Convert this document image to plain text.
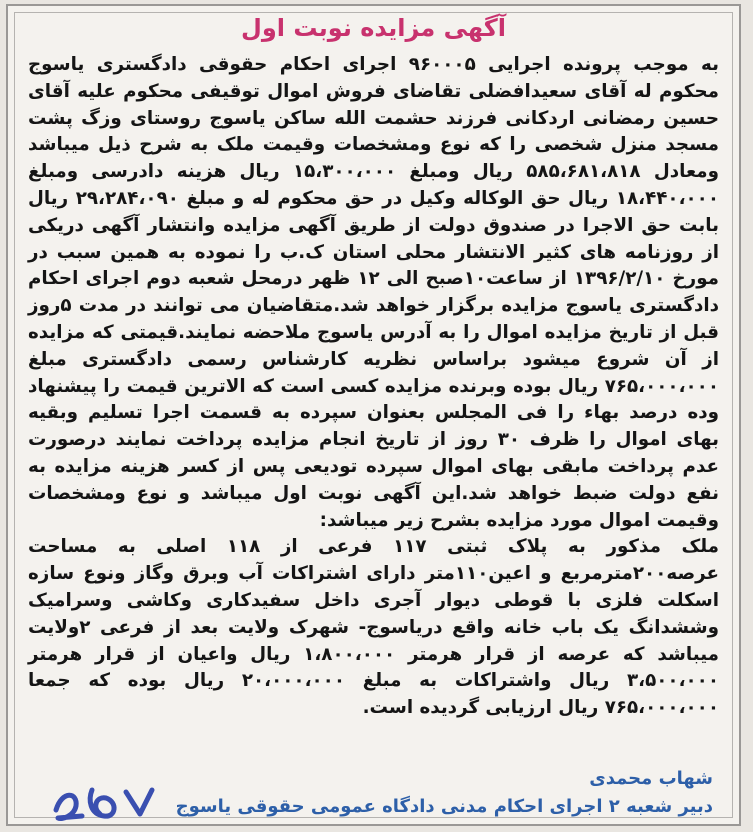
آگهی مزایده نوبت اول

به موجب پرونده اجرایی ۹۶۰۰۰۵ اجرای احکام حقوقی دادگستری یاسوج محکوم له آقای سعیدافضلی تقاضای فروش اموال توقیفی محکوم علیه آقای حسین رمضانی اردکانی فرزند حشمت الله ساکن یاسوج روستای وزگ پشت مسجد منزل شخصی را که نوع ومشخصات وقیمت ملک به شرح ذیل میباشد ومعادل ۵۸۵،۶۸۱،۸۱۸ ریال ومبلغ ۱۵،۳۰۰،۰۰۰ ریال هزینه دادرسی ومبلغ ۱۸،۴۴۰،۰۰۰ ریال حق الوکاله وکیل در حق محکوم له و مبلغ ۲۹،۲۸۴،۰۹۰ ریال بابت حق الاجرا در صندوق دولت از طریق آگهی مزایده وانتشار آگهی دریکی از روزنامه های کثیر الانتشار محلی استان ک.ب را نموده به همین سبب در مورخ ۱۳۹۶/۲/۱۰ از ساعت۱۰صبح الی ۱۲ ظهر درمحل شعبه دوم اجرای احکام دادگستری یاسوج مزایده برگزار خواهد شد.متقاضیان می توانند در مدت ۵روز قبل از تاریخ مزایده اموال را به آدرس یاسوج ملاحضه نمایند.قیمتی که مزایده از آن شروع میشود براساس نظریه کارشناس رسمی دادگستری مبلغ ۷۶۵،۰۰۰،۰۰۰ ریال بوده وبرنده مزایده کسی است که الاترین قیمت را پیشنهاد وده درصد بهاء را فی المجلس بعنوان سپرده به قسمت اجرا تسلیم وبقیه بهای اموال را ظرف ۳۰ روز از تاریخ انجام مزایده پرداخت نمایند درصورت عدم پرداخت مابقی بهای اموال سپرده تودیعی پس از کسر هزینه مزایده به نفع دولت ضبط خواهد شد.این آگهی نوبت اول میباشد و نوع ومشخصات وقیمت اموال مورد مزایده بشرح زیر میباشد:

ملک مذکور به پلاک ثبتی ۱۱۷ فرعی از ۱۱۸ اصلی به مساحت عرصه۲۰۰مترمربع و اعین۱۱۰متر دارای اشتراکات آب وبرق وگاز ونوع سازه اسکلت فلزی با قوطی دیوار آجری داخل سفیدکاری وکاشی وسرامیک وششدانگ یک باب خانه واقع دریاسوج- شهرک ولایت بعد از فرعی ۲ولایت میباشد که عرصه از قرار هرمتر ۱،۸۰۰،۰۰۰ ریال واعیان از قرار هرمتر ۳،۵۰۰،۰۰۰ ریال واشتراکات به مبلغ ۲۰،۰۰۰،۰۰۰ ریال بوده که جمعا ۷۶۵،۰۰۰،۰۰۰ ریال ارزیابی گردیده است.

شهاب محمدی
دبیر شعبه ۲ اجرای احکام مدنی دادگاه عمومی حقوقی یاسوج
